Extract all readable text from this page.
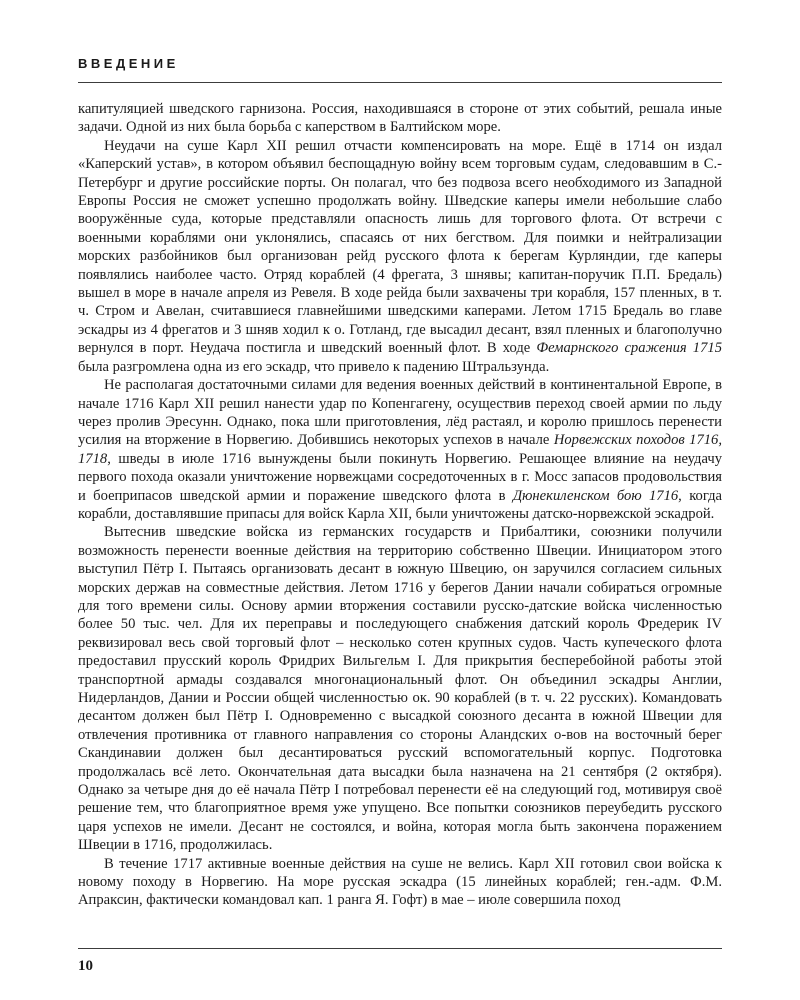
ВВЕДЕНИЕ

капитуляцией шведского гарнизона. Россия, находившаяся в стороне от этих событий, решала иные задачи. Одной из них была борьба с каперством в Балтийском море.

Неудачи на суше Карл XII решил отчасти компенсировать на море. Ещё в 1714 он издал «Каперский устав», в котором объявил беспощадную войну всем торговым судам, следовавшим в С.-Петербург и другие российские порты. Он полагал, что без подвоза всего необходимого из Западной Европы Россия не сможет успешно продолжать войну. Шведские каперы имели небольшие слабо вооружённые суда, которые представляли опасность лишь для торгового флота. От встречи с военными кораблями они уклонялись, спасаясь от них бегством. Для поимки и нейтрализации морских разбойников был организован рейд русского флота к берегам Курляндии, где каперы появлялись наиболее часто. Отряд кораблей (4 фрегата, 3 шнявы; капитан-поручик П.П. Бредаль) вышел в море в начале апреля из Ревеля. В ходе рейда были захвачены три корабля, 157 пленных, в т. ч. Стром и Авелан, считавшиеся главнейшими шведскими каперами. Летом 1715 Бредаль во главе эскадры из 4 фрегатов и 3 шняв ходил к о. Готланд, где высадил десант, взял пленных и благополучно вернулся в порт. Неудача постигла и шведский военный флот. В ходе Фемарнского сражения 1715 была разгромлена одна из его эскадр, что привело к падению Штральзунда.

Не располагая достаточными силами для ведения военных действий в континентальной Европе, в начале 1716 Карл XII решил нанести удар по Копенгагену, осуществив переход своей армии по льду через пролив Эресунн. Однако, пока шли приготовления, лёд растаял, и королю пришлось перенести усилия на вторжение в Норвегию. Добившись некоторых успехов в начале Норвежских походов 1716, 1718, шведы в июле 1716 вынуждены были покинуть Норвегию. Решающее влияние на неудачу первого похода оказали уничтожение норвежцами сосредоточенных в г. Мосс запасов продовольствия и боеприпасов шведской армии и поражение шведского флота в Дюнекиленском бою 1716, когда корабли, доставлявшие припасы для войск Карла XII, были уничтожены датско-норвежской эскадрой.

Вытеснив шведские войска из германских государств и Прибалтики, союзники получили возможность перенести военные действия на территорию собственно Швеции. Инициатором этого выступил Пётр I. Пытаясь организовать десант в южную Швецию, он заручился согласием сильных морских держав на совместные действия. Летом 1716 у берегов Дании начали собираться огромные для того времени силы. Основу армии вторжения составили русско-датские войска численностью более 50 тыс. чел. Для их переправы и последующего снабжения датский король Фредерик IV реквизировал весь свой торговый флот – несколько сотен крупных судов. Часть купеческого флота предоставил прусский король Фридрих Вильгельм I. Для прикрытия бесперебойной работы этой транспортной армады создавался многонациональный флот. Он объединил эскадры Англии, Нидерландов, Дании и России общей численностью ок. 90 кораблей (в т. ч. 22 русских). Командовать десантом должен был Пётр I. Одновременно с высадкой союзного десанта в южной Швеции для отвлечения противника от главного направления со стороны Аландских о-вов на восточный берег Скандинавии должен был десантироваться русский вспомогательный корпус. Подготовка продолжалась всё лето. Окончательная дата высадки была назначена на 21 сентября (2 октября). Однако за четыре дня до её начала Пётр I потребовал перенести её на следующий год, мотивируя своё решение тем, что благоприятное время уже упущено. Все попытки союзников переубедить русского царя успехов не имели. Десант не состоялся, и война, которая могла быть закончена поражением Швеции в 1716, продолжилась.

В течение 1717 активные военные действия на суше не велись. Карл XII готовил свои войска к новому походу в Норвегию. На море русская эскадра (15 линейных кораблей; ген.-адм. Ф.М. Апраксин, фактически командовал кап. 1 ранга Я. Гофт) в мае – июле совершила поход

10
